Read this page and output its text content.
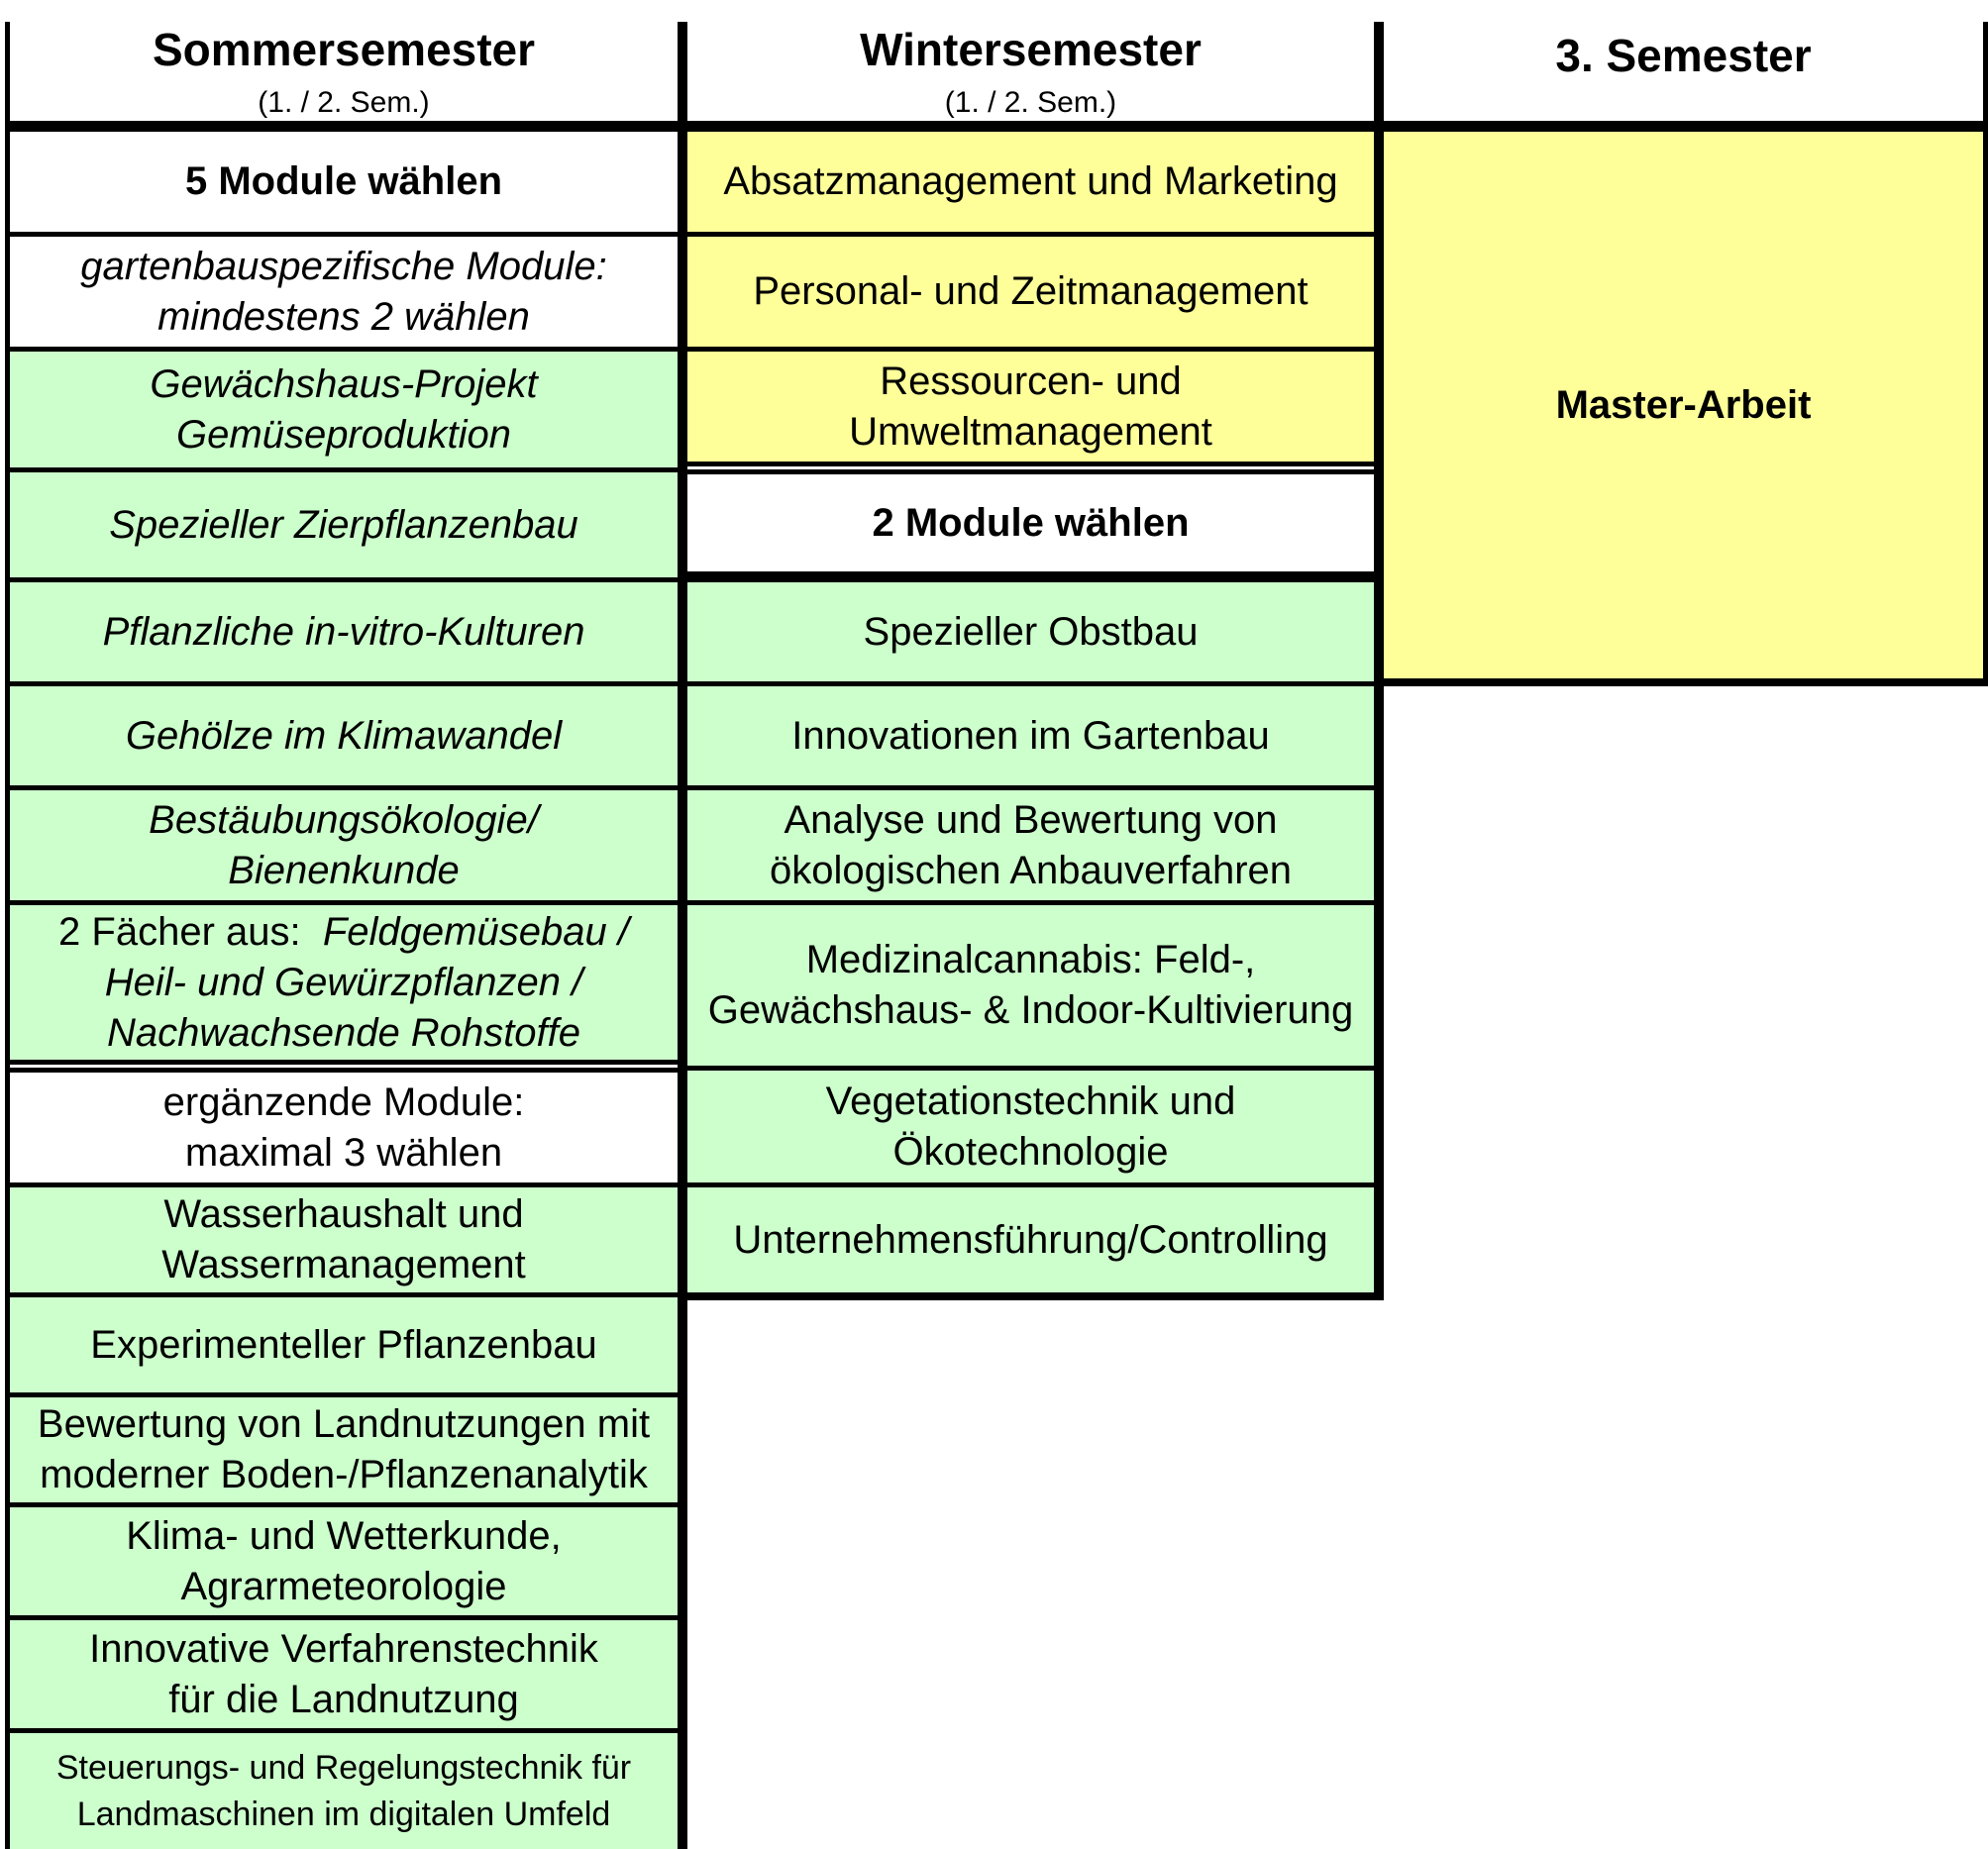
Sommersemester
(1. / 2. Sem.)
Wintersemester
(1. / 2. Sem.)
3. Semester
5 Module wählen
gartenbauspezifische Module:
mindestens 2 wählen
Gewächshaus-Projekt
Gemüseproduktion
Spezieller Zierpflanzenbau
Pflanzliche in-vitro-Kulturen
Gehölze im Klimawandel
Bestäubungsökologie/
Bienenkunde
2 Fächer aus: Feldgemüsebau /
Heil- und Gewürzpflanzen /
Nachwachsende Rohstoffe
ergänzende Module:
maximal 3 wählen
Wasserhaushalt und
Wassermanagement
Experimenteller Pflanzenbau
Bewertung von Landnutzungen mit
moderner Boden-/Pflanzenanalytik
Klima- und Wetterkunde,
Agrarmeteorologie
Innovative Verfahrenstechnik
für die Landnutzung
Steuerungs- und Regelungstechnik für
Landmaschinen im digitalen Umfeld
Absatzmanagement und Marketing
Personal- und Zeitmanagement
Ressourcen- und
Umweltmanagement
2 Module wählen
Spezieller Obstbau
Innovationen im Gartenbau
Analyse und Bewertung von
ökologischen Anbauverfahren
Medizinalcannabis: Feld-,
Gewächshaus- & Indoor-Kultivierung
Vegetationstechnik und
Ökotechnologie
Unternehmensführung/Controlling
Master-Arbeit
